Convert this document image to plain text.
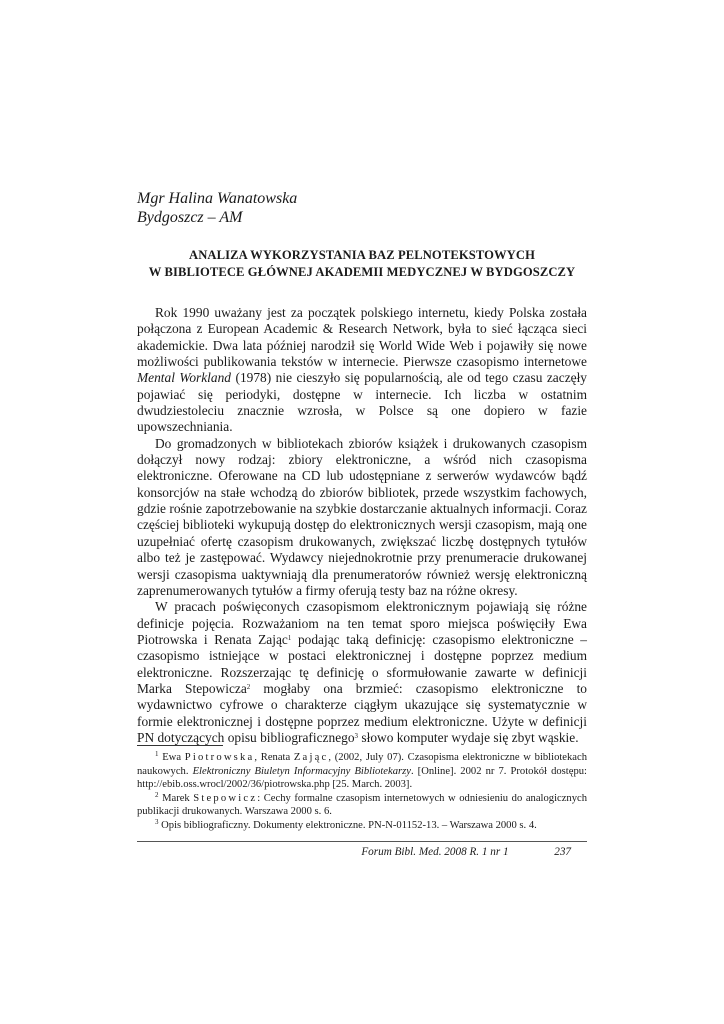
Mgr Halina Wanatowska
Bydgoszcz – AM
ANALIZA WYKORZYSTANIA BAZ PELNOTEKSTOWYCH
W BIBLIOTECE GŁÓWNEJ AKADEMII MEDYCZNEJ W BYDGOSZCZY

Rok 1990 uważany jest za początek polskiego internetu, kiedy Polska została połączona z European Academic & Research Network, była to sieć łącząca sieci akademickie. Dwa lata później narodził się World Wide Web i pojawiły się nowe możliwości publikowania tekstów w internecie. Pierwsze czasopismo internetowe Mental Workland (1978) nie cieszyło się popularnością, ale od tego czasu zaczęły pojawiać się periodyki, dostępne w internecie. Ich liczba w ostatnim dwudziestoleciu znacznie wzrosła, w Polsce są one dopiero w fazie upowszechniania.

Do gromadzonych w bibliotekach zbiorów książek i drukowanych czasopism dołączył nowy rodzaj: zbiory elektroniczne, a wśród nich czasopisma elektroniczne. Oferowane na CD lub udostępniane z serwerów wydawców bądź konsorcjów na stałe wchodzą do zbiorów bibliotek, przede wszystkim fachowych, gdzie rośnie zapotrzebowanie na szybkie dostarczanie aktualnych informacji. Coraz częściej biblioteki wykupują dostęp do elektronicznych wersji czasopism, mają one uzupełniać ofertę czasopism drukowanych, zwiększać liczbę dostępnych tytułów albo też je zastępować. Wydawcy niejednokrotnie przy prenumeracie drukowanej wersji czasopisma uaktywniają dla prenumeratorów również wersję elektroniczną zaprenumerowanych tytułów a firmy oferują testy baz na różne okresy.

W pracach poświęconych czasopismom elektronicznym pojawiają się różne definicje pojęcia. Rozważaniom na ten temat sporo miejsca poświęciły Ewa Piotrowska i Renata Zając$^1$ podając taką definicję: czasopismo elektroniczne – czasopismo istniejące w postaci elektronicznej i dostępne poprzez medium elektroniczne. Rozszerzając tę definicję o sformułowanie zawarte w definicji Marka Stepowicza$^2$ mogłaby ona brzmieć: czasopismo elektroniczne to wydawnictwo cyfrowe o charakterze ciągłym ukazujące się systematycznie w formie elektronicznej i dostępne poprzez medium elektroniczne. Użyte w definicji PN dotyczących opisu bibliograficznego$^3$ słowo komputer wydaje się zbyt wąskie.

$^1$ Ewa Piotrowska, Renata Zając, (2002, July 07). Czasopisma elektroniczne w bibliotekach naukowych. Elektroniczny Biuletyn Informacyjny Bibliotekarzy. [Online]. 2002 nr 7. Protokół dostępu: http://ebib.oss.wrocl/2002/36/piotrowska.php [25. March. 2003].

$^2$ Marek Stepowicz: Cechy formalne czasopism internetowych w odniesieniu do analogicznych publikacji drukowanych. Warszawa 2000 s. 6.

$^3$ Opis bibliograficzny. Dokumenty elektroniczne. PN-N-01152-13. – Warszawa 2000 s. 4.

Forum Bibl. Med. 2008 R. 1 nr 1	237
